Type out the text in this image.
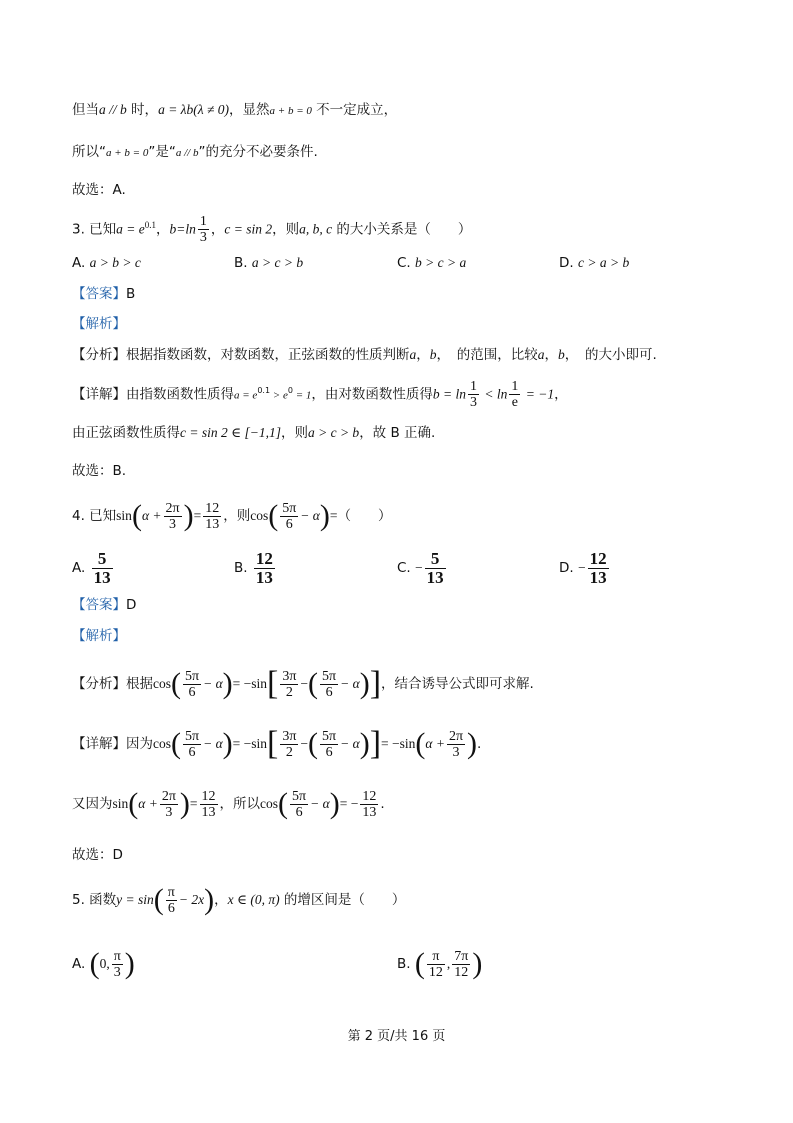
但当a // b 时，a = λb(λ ≠ 0)，显然a + b = 0 不一定成立，
所以“a + b = 0”是“a // b”的充分不必要条件.
故选：A.
3. 已知$a = e^{0.1}$，$b=\ln \frac{1}{3}$ ，c = sin 2，则a, b, c 的大小关系是（　　）
A. a > b > c	B. a > c > b	C. b > c > a	D. c > a > b
【答案】B
【解析】
【分析】根据指数函数，对数函数，正弦函数的性质判断a，b，　的范围，比较a，b，　的大小即可.
【详解】由指数函数性质得$a = e^{0.1} > e^0 = 1$，由对数函数性质得$b = \ln \frac{1}{3} < \ln \frac{1}{e} = -1$，
由正弦函数性质得c = sin 2 ∈ [−1,1]，则a > c > b，故 B 正确.
故选：B.
4. 已知$\sin(\alpha + \frac{2\pi}{3}$ )= $\frac{12}{13}$ ，则$\cos( \frac{5\pi}{6} - \alpha)=$（　　）
A. $\frac{5}{13}$	B. $\frac{12}{13}$	C. − $\frac{5}{13}$	D. − $\frac{12}{13}$
【答案】D
【解析】
【分析】根据$\cos( \frac{5\pi}{6} - \alpha)= -\sin[ \frac{3\pi}{2}$ −( $\frac{5\pi}{6} - \alpha$)]，结合诱导公式即可求解.
【详解】因为$\cos( \frac{5\pi}{6} - \alpha)= -\sin[ \frac{3\pi}{2}$ −( $\frac{5\pi}{6} - \alpha)]= -\sin(\alpha + \frac{2\pi}{3}$ ).
又因为$\sin(\alpha + \frac{2\pi}{3}$ )= $\frac{12}{13}$ ，所以$\cos( \frac{5\pi}{6} - \alpha)= - \frac{12}{13}$ .
故选：D
5. 函数$y = \sin( \frac{\pi}{6} - 2x)$，x ∈ (0, π) 的增区间是（　　）
A. (0, $\frac{\pi}{3}$ )	B. ( $\frac{\pi}{12}$ , $\frac{7\pi}{12}$ )
第 2 页/共 16 页
